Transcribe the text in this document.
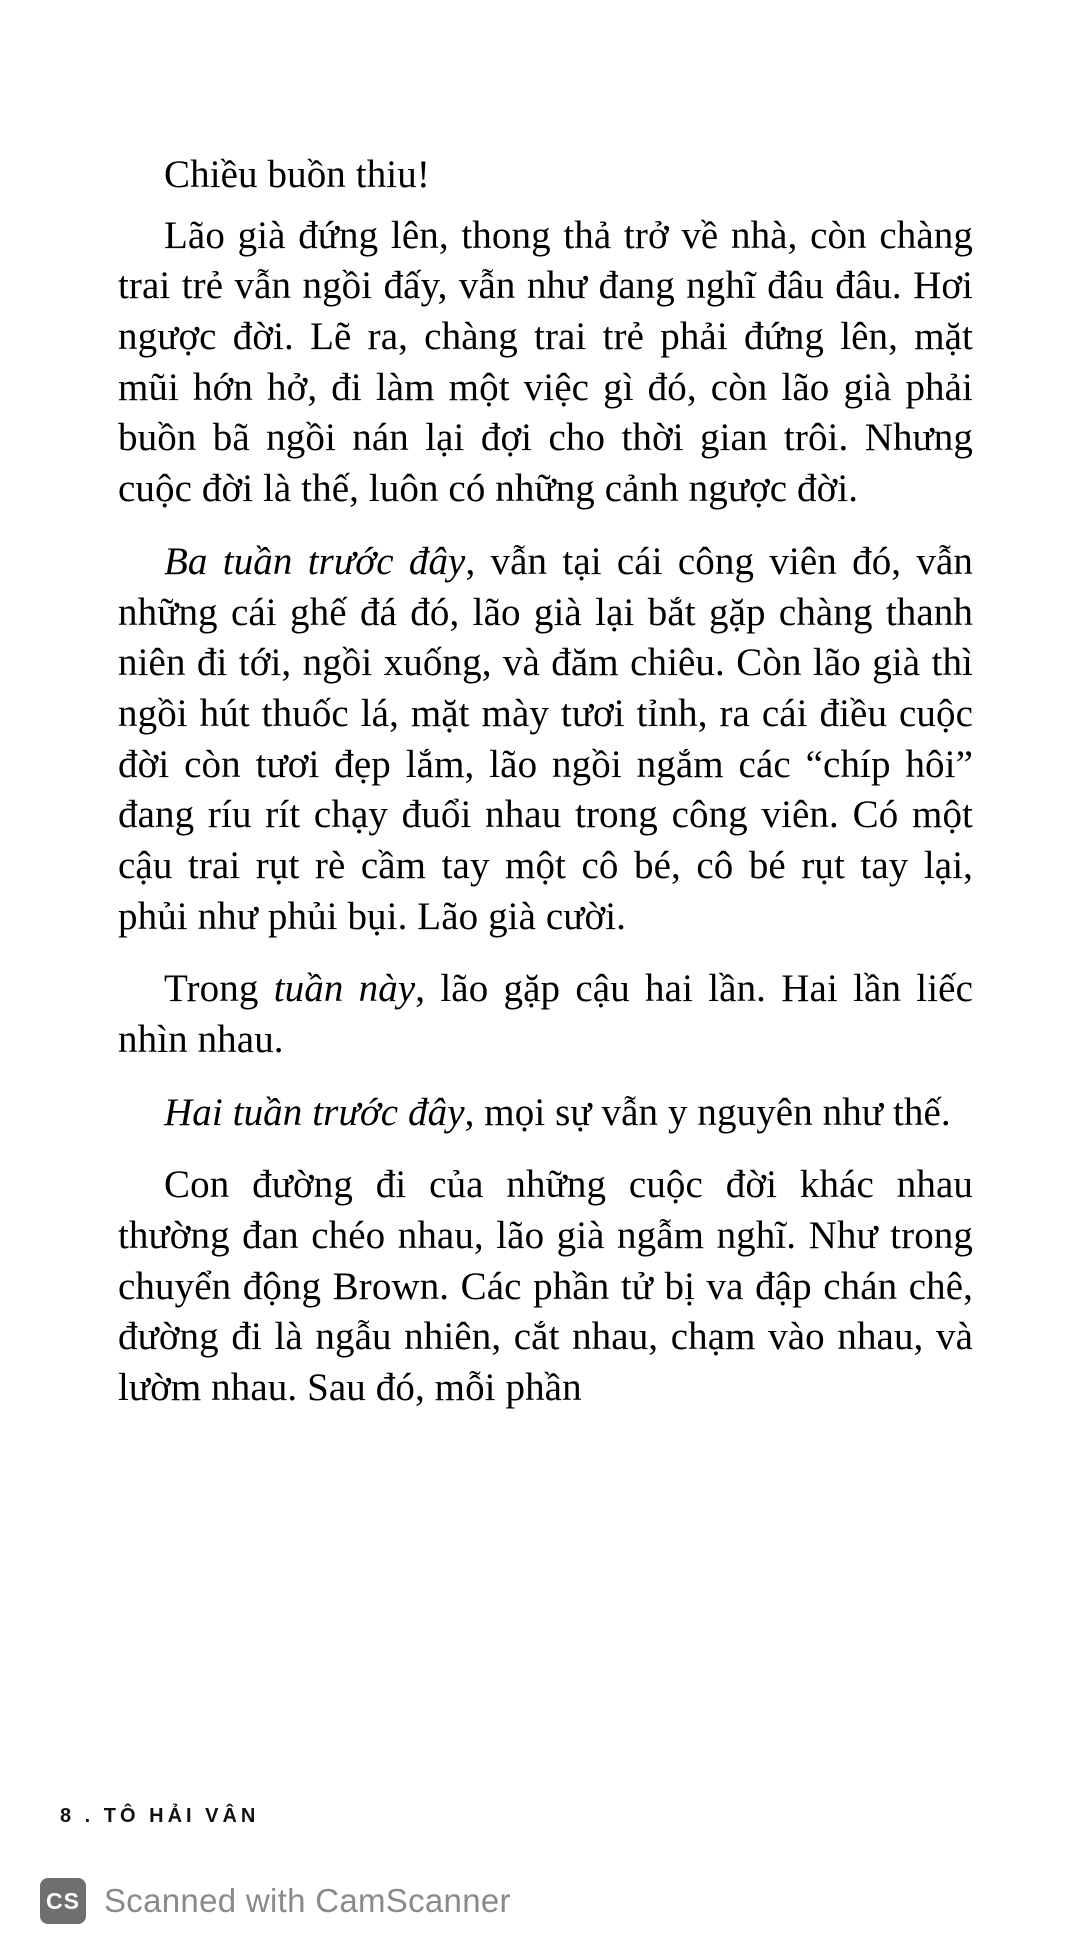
Chiều buồn thiu!

Lão già đứng lên, thong thả trở về nhà, còn chàng trai trẻ vẫn ngồi đấy, vẫn như đang nghĩ đâu đâu. Hơi ngược đời. Lẽ ra, chàng trai trẻ phải đứng lên, mặt mũi hớn hở, đi làm một việc gì đó, còn lão già phải buồn bã ngồi nán lại đợi cho thời gian trôi. Nhưng cuộc đời là thế, luôn có những cảnh ngược đời.

Ba tuần trước đây, vẫn tại cái công viên đó, vẫn những cái ghế đá đó, lão già lại bắt gặp chàng thanh niên đi tới, ngồi xuống, và đăm chiêu. Còn lão già thì ngồi hút thuốc lá, mặt mày tươi tỉnh, ra cái điều cuộc đời còn tươi đẹp lắm, lão ngồi ngắm các “chíp hôi” đang ríu rít chạy đuổi nhau trong công viên. Có một cậu trai rụt rè cầm tay một cô bé, cô bé rụt tay lại, phủi như phủi bụi. Lão già cười.

Trong tuần này, lão gặp cậu hai lần. Hai lần liếc nhìn nhau.

Hai tuần trước đây, mọi sự vẫn y nguyên như thế.

Con đường đi của những cuộc đời khác nhau thường đan chéo nhau, lão già ngẫm nghĩ. Như trong chuyển động Brown. Các phần tử bị va đập chán chê, đường đi là ngẫu nhiên, cắt nhau, chạm vào nhau, và lườm nhau. Sau đó, mỗi phần

8 . TÔ HẢI VÂN
CS Scanned with CamScanner
